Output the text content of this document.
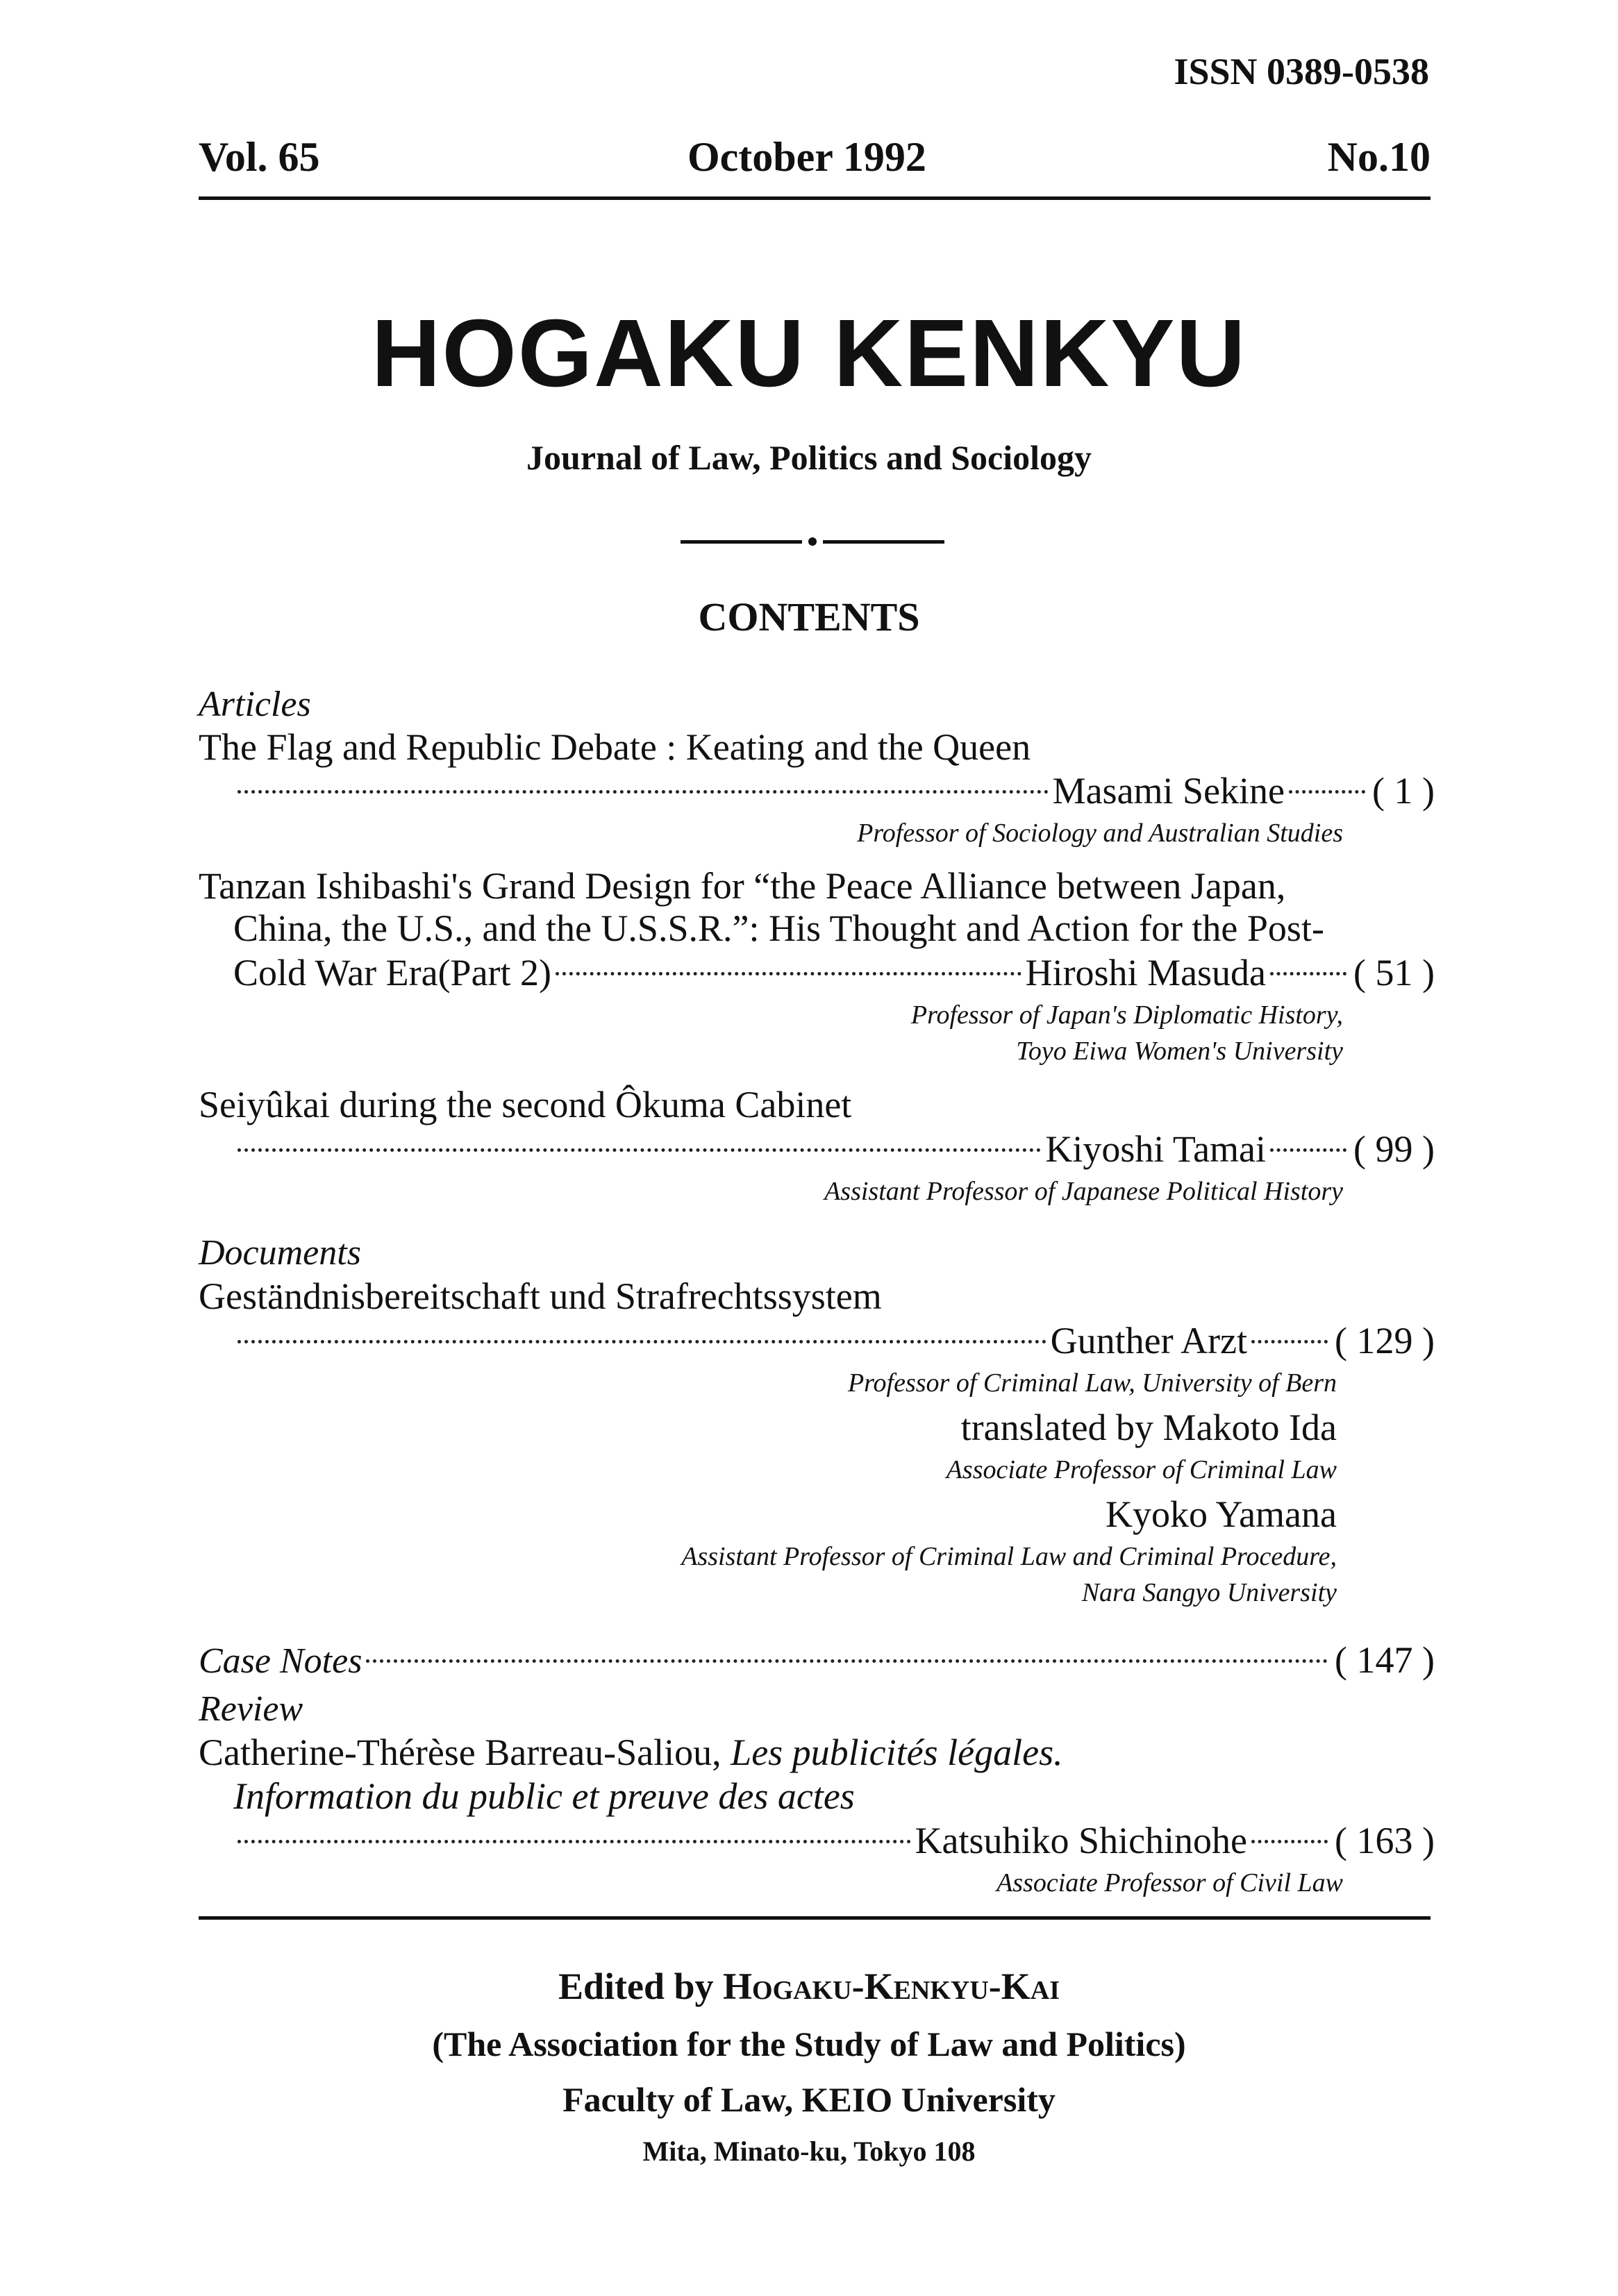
ISSN 0389-0538
Vol. 65	October 1992	No.10
HOGAKU KENKYU
Journal of Law, Politics and Sociology
CONTENTS
Articles
The Flag and Republic Debate : Keating and the Queen
Masami Sekine ( 1 )
Professor of Sociology and Australian Studies
Tanzan Ishibashi's Grand Design for “the Peace Alliance between Japan,
China, the U.S., and the U.S.S.R.”: His Thought and Action for the Post-
Cold War Era(Part 2)	Hiroshi Masuda ( 51 )
Professor of Japan's Diplomatic History,
Toyo Eiwa Women's University
Seiyûkai during the second Ôkuma Cabinet
Kiyoshi Tamai ( 99 )
Assistant Professor of Japanese Political History
Documents
Geständnisbereitschaft und Strafrechtssystem
Gunther Arzt ( 129 )
Professor of Criminal Law, University of Bern
translated by Makoto Ida
Associate Professor of Criminal Law
Kyoko Yamana
Assistant Professor of Criminal Law and Criminal Procedure,
Nara Sangyo University
Case Notes	( 147 )
Review
Catherine-Thérèse Barreau-Saliou, Les publicités légales.
Information du public et preuve des actes
Katsuhiko Shichinohe ( 163 )
Associate Professor of Civil Law
Edited by Hogaku-Kenkyu-Kai
(The Association for the Study of Law and Politics)
Faculty of Law, KEIO University
Mita, Minato-ku, Tokyo 108
